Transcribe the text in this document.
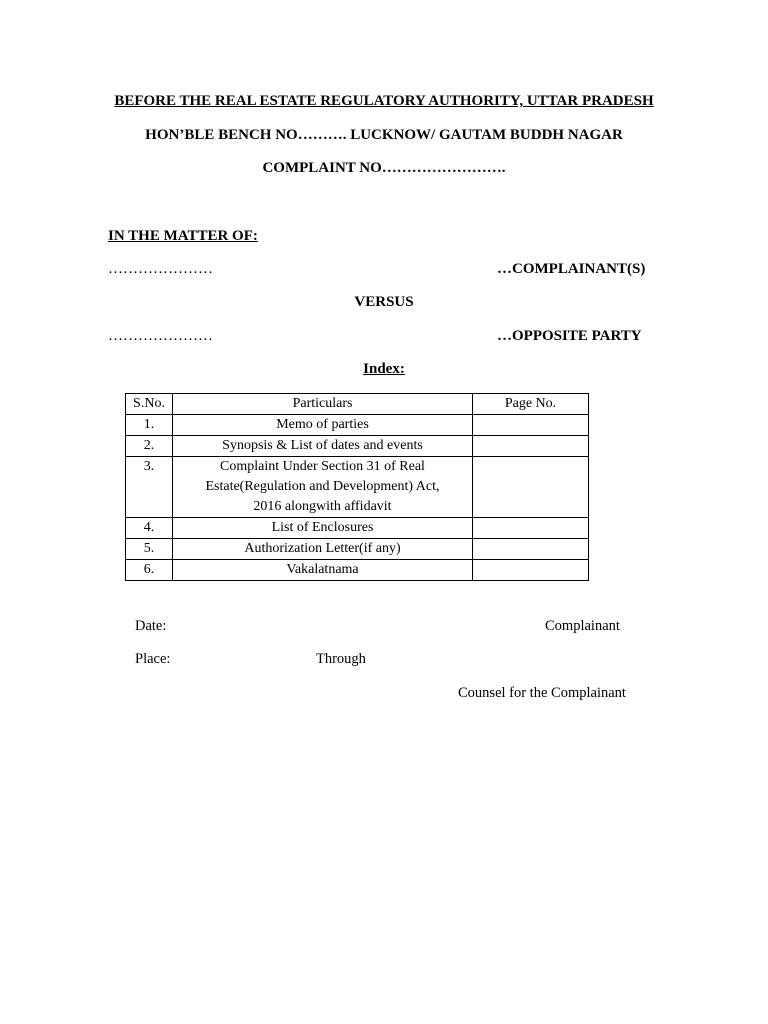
BEFORE THE REAL ESTATE REGULATORY AUTHORITY, UTTAR PRADESH
HON’BLE BENCH NO………. LUCKNOW/ GAUTAM BUDDH NAGAR
COMPLAINT NO…………………….
IN THE MATTER OF:
…………………	…COMPLAINANT(S)
VERSUS
…………………	…OPPOSITE PARTY
Index:
S.No.	Particulars	Page No.
1.	Memo of parties	
2.	Synopsis & List of dates and events	
3.	Complaint Under Section 31 of Real
Estate(Regulation and Development) Act,
2016 alongwith affidavit	

4.	List of Enclosures	
5.	Authorization Letter(if any)	
6.	Vakalatnama	
Date:	Complainant
Place:	Through
Counsel for the Complainant
